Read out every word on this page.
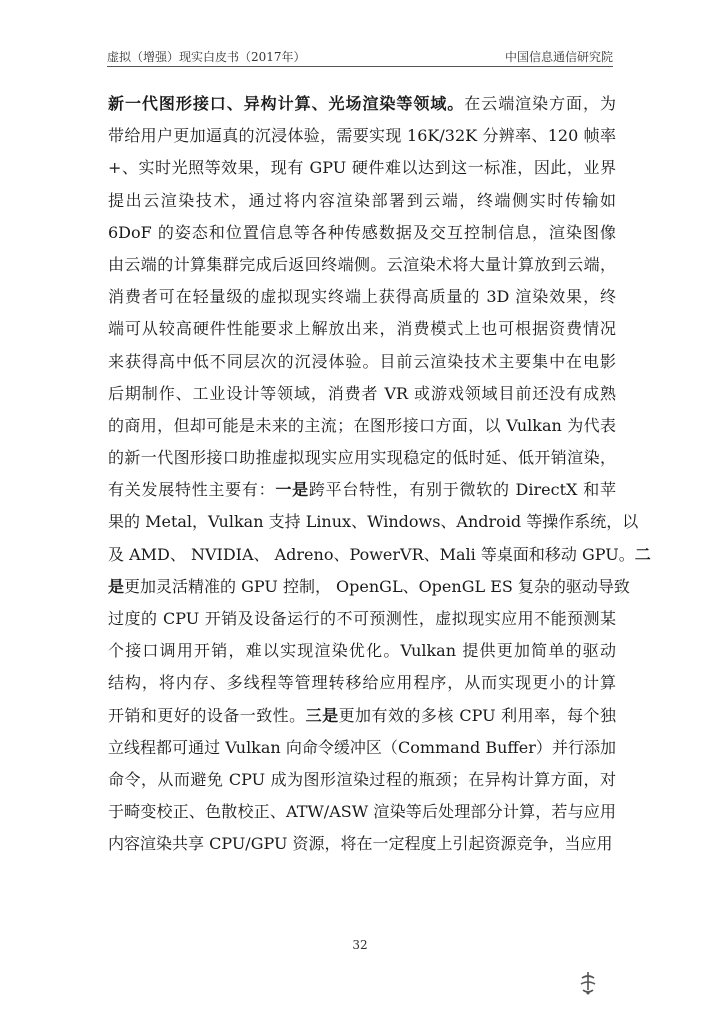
虚拟（增强）现实白皮书（2017年）	中国信息通信研究院
新一代图形接口、异构计算、光场渲染等领域。在云端渲染方面，为
带给用户更加逼真的沉浸体验，需要实现 16K/32K 分辨率、120 帧率
+、实时光照等效果，现有 GPU 硬件难以达到这一标准，因此，业界
提出云渲染技术，通过将内容渲染部署到云端，终端侧实时传输如
6DoF 的姿态和位置信息等各种传感数据及交互控制信息，渲染图像
由云端的计算集群完成后返回终端侧。云渲染术将大量计算放到云端，
消费者可在轻量级的虚拟现实终端上获得高质量的 3D 渲染效果，终
端可从较高硬件性能要求上解放出来，消费模式上也可根据资费情况
来获得高中低不同层次的沉浸体验。目前云渲染技术主要集中在电影
后期制作、工业设计等领域，消费者 VR 或游戏领域目前还没有成熟
的商用，但却可能是未来的主流；在图形接口方面，以 Vulkan 为代表
的新一代图形接口助推虚拟现实应用实现稳定的低时延、低开销渲染，
有关发展特性主要有：一是跨平台特性，有别于微软的 DirectX 和苹
果的 Metal，Vulkan 支持 Linux、Windows、Android 等操作系统，以
及 AMD、 NVIDIA、 Adreno、PowerVR、Mali 等桌面和移动 GPU。二
是更加灵活精准的 GPU 控制， OpenGL、OpenGL ES 复杂的驱动导致
过度的 CPU 开销及设备运行的不可预测性，虚拟现实应用不能预测某
个接口调用开销，难以实现渲染优化。Vulkan 提供更加简单的驱动
结构，将内存、多线程等管理转移给应用程序，从而实现更小的计算
开销和更好的设备一致性。三是更加有效的多核 CPU 利用率，每个独
立线程都可通过 Vulkan 向命令缓冲区（Command Buffer）并行添加
命令，从而避免 CPU 成为图形渲染过程的瓶颈；在异构计算方面，对
于畸变校正、色散校正、ATW/ASW 渲染等后处理部分计算，若与应用
内容渲染共享 CPU/GPU 资源，将在一定程度上引起资源竞争，当应用
32
